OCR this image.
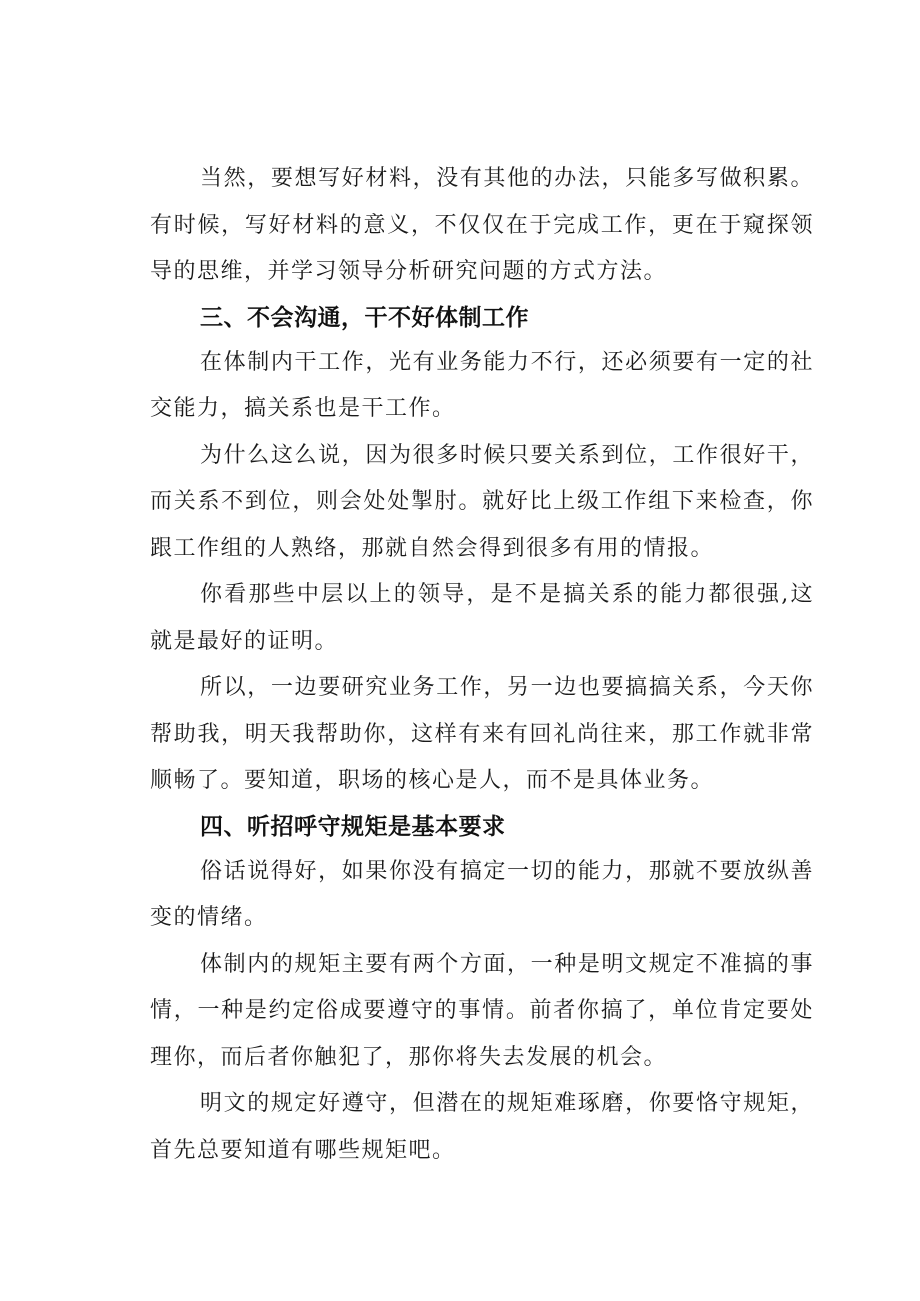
当然，要想写好材料，没有其他的办法，只能多写做积累。有时候，写好材料的意义，不仅仅在于完成工作，更在于窥探领导的思维，并学习领导分析研究问题的方式方法。

三、不会沟通，干不好体制工作

在体制内干工作，光有业务能力不行，还必须要有一定的社交能力，搞关系也是干工作。

为什么这么说，因为很多时候只要关系到位，工作很好干，而关系不到位，则会处处掣肘。就好比上级工作组下来检查，你跟工作组的人熟络，那就自然会得到很多有用的情报。

你看那些中层以上的领导，是不是搞关系的能力都很强,这就是最好的证明。

所以，一边要研究业务工作，另一边也要搞搞关系，今天你帮助我，明天我帮助你，这样有来有回礼尚往来，那工作就非常顺畅了。要知道，职场的核心是人，而不是具体业务。

四、听招呼守规矩是基本要求

俗话说得好，如果你没有搞定一切的能力，那就不要放纵善变的情绪。

体制内的规矩主要有两个方面，一种是明文规定不准搞的事情，一种是约定俗成要遵守的事情。前者你搞了，单位肯定要处理你，而后者你触犯了，那你将失去发展的机会。

明文的规定好遵守，但潜在的规矩难琢磨，你要恪守规矩，首先总要知道有哪些规矩吧。
